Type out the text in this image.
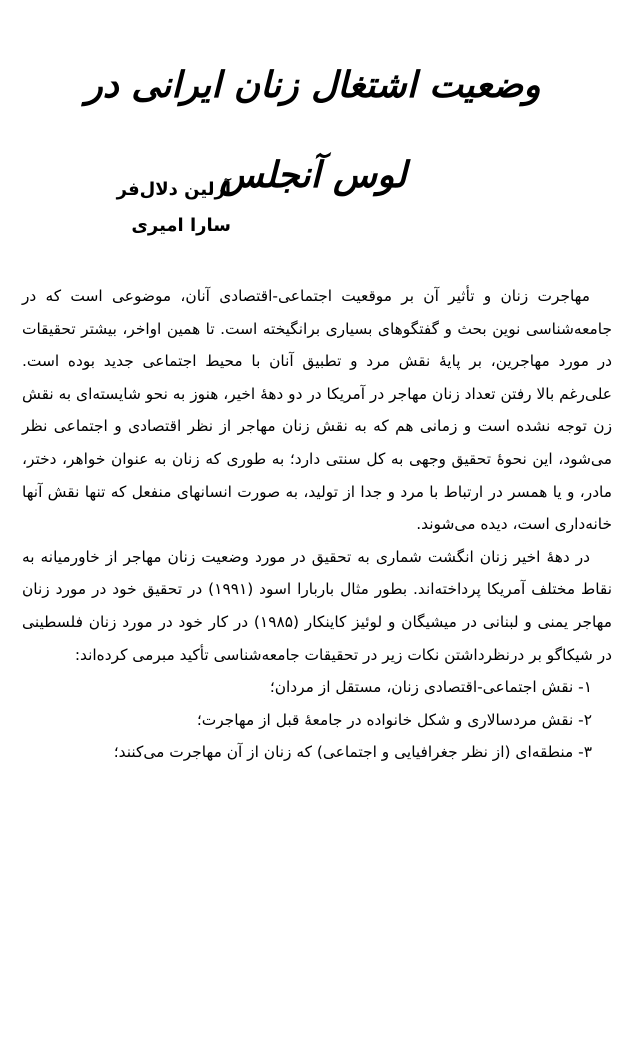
وضعیت اشتغال زنان ایرانی در لوس آنجلس
آرلین دلال‌فر
سارا امیری

مهاجرت زنان و تأثیر آن بر موقعیت اجتماعی-اقتصادی آنان، موضوعی است که در جامعه‌شناسی نوین بحث و گفتگوهای بسیاری برانگیخته است. تا همین اواخر، بیشتر تحقیقات در مورد مهاجرین، بر پایهٔ نقش مرد و تطبیق آنان با محیط اجتماعی جدید بوده است. علی‌رغم بالا رفتن تعداد زنان مهاجر در آمریکا در دو دههٔ اخیر، هنوز به نحو شایسته‌ای به نقش زن توجه نشده است و زمانی هم که به نقش زنان مهاجر از نظر اقتصادی و اجتماعی نظر می‌شود، این نحوهٔ تحقیق وجهی به کل سنتی دارد؛ به طوری که زنان به عنوان خواهر، دختر، مادر، و یا همسر در ارتباط با مرد و جدا از تولید، به صورت انسانهای منفعل که تنها نقش آنها خانه‌داری است، دیده می‌شوند.

در دههٔ اخیر زنان انگشت شماری به تحقیق در مورد وضعیت زنان مهاجر از خاورمیانه به نقاط مختلف آمریکا پرداخته‌اند. بطور مثال باربارا اسود (۱۹۹۱) در تحقیق خود در مورد زنان مهاجر یمنی و لبنانی در میشیگان و لوئیز کاینکار (۱۹۸۵) در کار خود در مورد زنان فلسطینی در شیکاگو بر درنظرداشتن نکات زیر در تحقیقات جامعه‌شناسی تأکید مبرمی کرده‌اند:

۱- نقش اجتماعی-اقتصادی زنان، مستقل از مردان؛

۲- نقش مردسالاری و شکل خانواده در جامعهٔ قبل از مهاجرت؛

۳- منطقه‌ای (از نظر جغرافیایی و اجتماعی) که زنان از آن مهاجرت می‌کنند؛
